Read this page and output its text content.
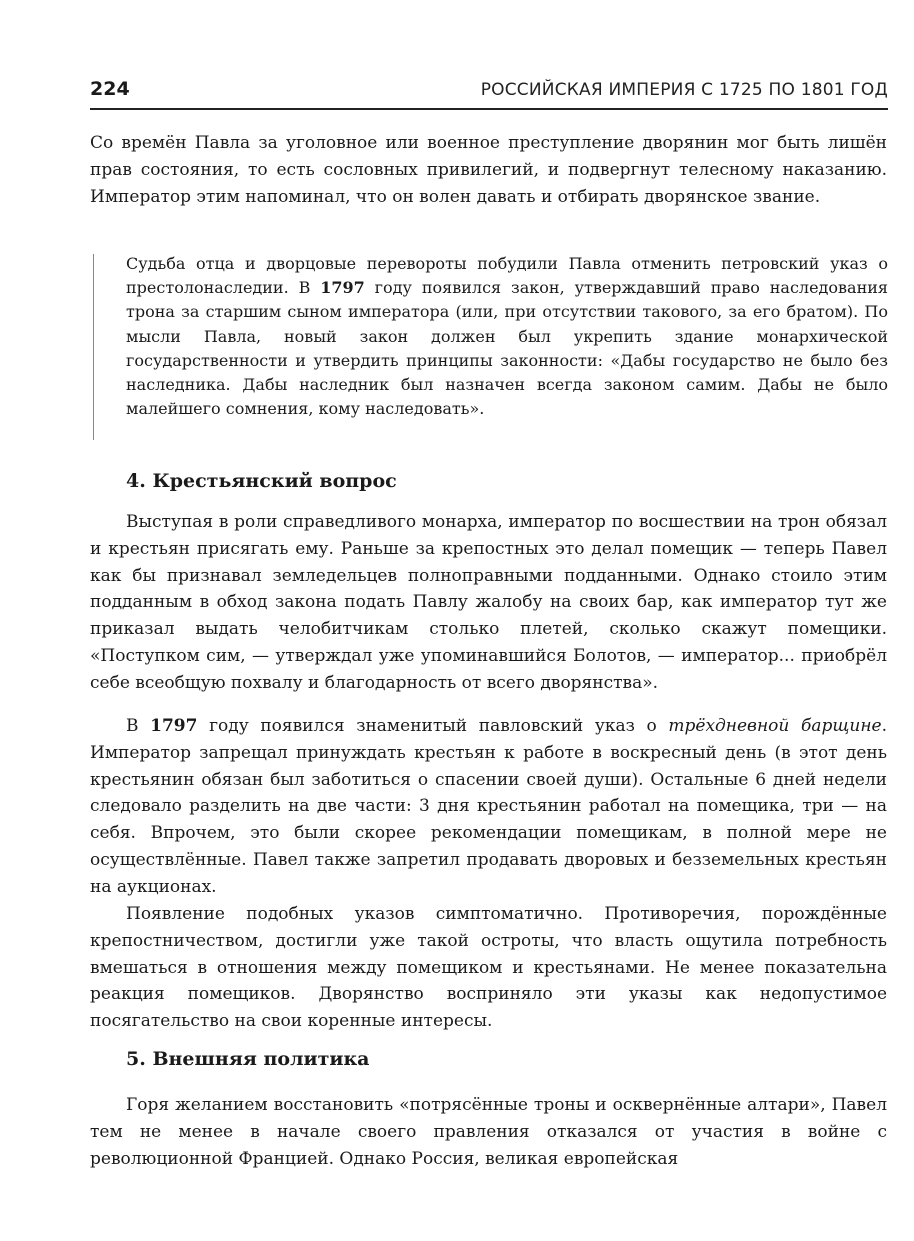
224	РОССИЙСКАЯ ИМПЕРИЯ С 1725 ПО 1801 ГОД

Со времён Павла за уголовное или военное преступление дворянин мог быть лишён прав состояния, то есть сословных привилегий, и подвергнут телесному наказанию. Император этим напоминал, что он волен давать и отбирать дворянское звание.

Судьба отца и дворцовые перевороты побудили Павла отменить петровский указ о престолонаследии. В 1797 году появился закон, утверждавший право наследования трона за старшим сыном императора (или, при отсутствии такового, за его братом). По мысли Павла, новый закон должен был укрепить здание монархической государственности и утвердить принципы законности: «Дабы государство не было без наследника. Дабы наследник был назначен всегда законом самим. Дабы не было малейшего сомнения, кому наследовать».

4. Крестьянский вопрос

Выступая в роли справедливого монарха, император по восшествии на трон обязал и крестьян присягать ему. Раньше за крепостных это делал помещик — теперь Павел как бы признавал земледельцев полноправными подданными. Однако стоило этим подданным в обход закона подать Павлу жалобу на своих бар, как император тут же приказал выдать челобитчикам столько плетей, сколько скажут помещики. «Поступком сим, — утверждал уже упоминавшийся Болотов, — император... приобрёл себе всеобщую похвалу и благодарность от всего дворянства».

В 1797 году появился знаменитый павловский указ о трёхдневной барщине. Император запрещал принуждать крестьян к работе в воскресный день (в этот день крестьянин обязан был заботиться о спасении своей души). Остальные 6 дней недели следовало разделить на две части: 3 дня крестьянин работал на помещика, три — на себя. Впрочем, это были скорее рекомендации помещикам, в полной мере не осуществлённые. Павел также запретил продавать дворовых и безземельных крестьян на аукционах.

Появление подобных указов симптоматично. Противоречия, порождённые крепостничеством, достигли уже такой остроты, что власть ощутила потребность вмешаться в отношения между помещиком и крестьянами. Не менее показательна реакция помещиков. Дворянство восприняло эти указы как недопустимое посягательство на свои коренные интересы.

5. Внешняя политика

Горя желанием восстановить «потрясённые троны и осквернённые алтари», Павел тем не менее в начале своего правления отказался от участия в войне с революционной Францией. Однако Россия, великая европейская
